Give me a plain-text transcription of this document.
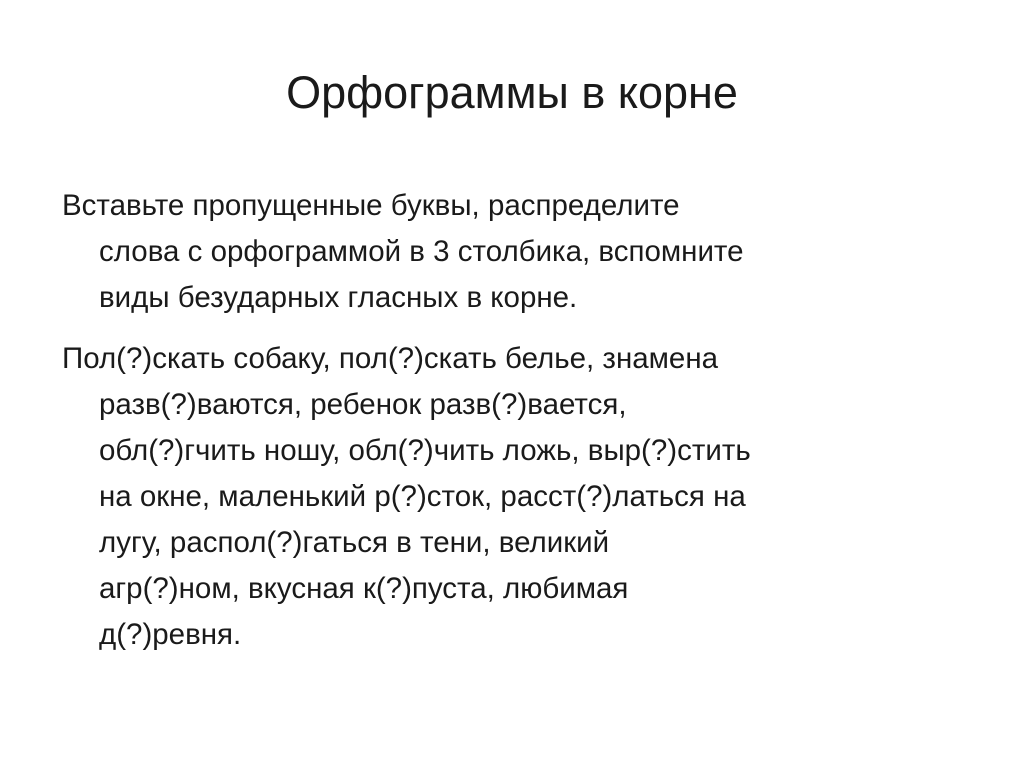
Орфограммы в корне
Вставьте пропущенные буквы, распределите
слова с орфограммой в 3 столбика, вспомните
виды безударных гласных в корне.
Пол(?)скать собаку, пол(?)скать белье, знамена
разв(?)ваются, ребенок разв(?)вается,
обл(?)гчить ношу, обл(?)чить ложь, выр(?)стить
на окне, маленький р(?)сток, расст(?)латься на
лугу, распол(?)гаться в тени, великий
агр(?)ном, вкусная к(?)пуста, любимая
д(?)ревня.
